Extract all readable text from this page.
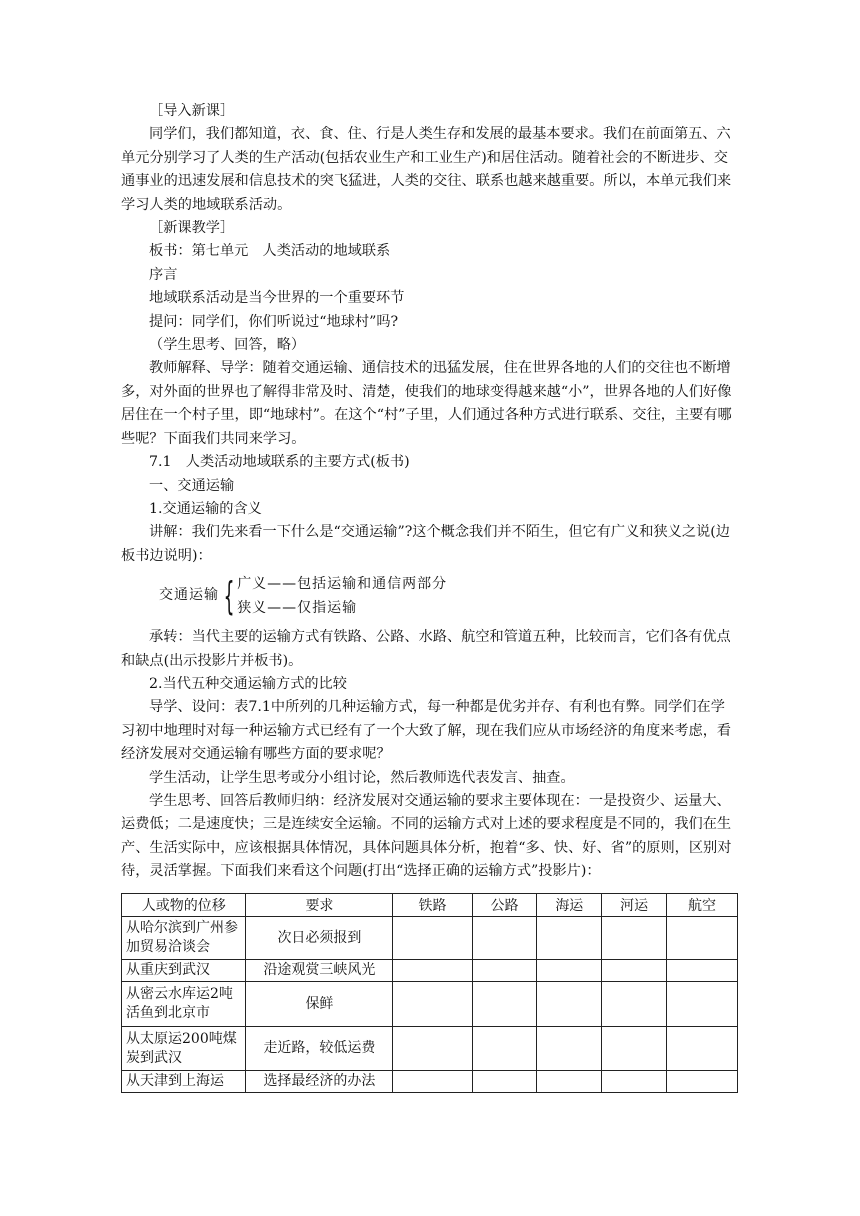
［导入新课］

同学们，我们都知道，衣、食、住、行是人类生存和发展的最基本要求。我们在前面第五、六单元分别学习了人类的生产活动(包括农业生产和工业生产)和居住活动。随着社会的不断进步、交通事业的迅速发展和信息技术的突飞猛进，人类的交往、联系也越来越重要。所以，本单元我们来学习人类的地域联系活动。

［新课教学］

板书：第七单元　人类活动的地域联系

序言

地域联系活动是当今世界的一个重要环节

提问：同学们，你们听说过“地球村”吗?

（学生思考、回答，略）

教师解释、导学：随着交通运输、通信技术的迅猛发展，住在世界各地的人们的交往也不断增多，对外面的世界也了解得非常及时、清楚，使我们的地球变得越来越“小”，世界各地的人们好像居住在一个村子里，即“地球村”。在这个“村”子里，人们通过各种方式进行联系、交往，主要有哪些呢？下面我们共同来学习。

7.1　人类活动地域联系的主要方式(板书)

一、交通运输

1.交通运输的含义

讲解：我们先来看一下什么是“交通运输”?这个概念我们并不陌生，但它有广义和狭义之说(边板书边说明)：

交通运输 { 广义——包括运输和通信两部分
狭义——仅指运输

承转：当代主要的运输方式有铁路、公路、水路、航空和管道五种，比较而言，它们各有优点和缺点(出示投影片并板书)。

2.当代五种交通运输方式的比较

导学、设问：表7.1中所列的几种运输方式，每一种都是优劣并存、有利也有弊。同学们在学习初中地理时对每一种运输方式已经有了一个大致了解，现在我们应从市场经济的角度来考虑，看经济发展对交通运输有哪些方面的要求呢？

学生活动，让学生思考或分小组讨论，然后教师选代表发言、抽查。

学生思考、回答后教师归纳：经济发展对交通运输的要求主要体现在：一是投资少、运量大、运费低；二是速度快；三是连续安全运输。不同的运输方式对上述的要求程度是不同的，我们在生产、生活实际中，应该根据具体情况，具体问题具体分析，抱着“多、快、好、省”的原则，区别对待，灵活掌握。下面我们来看这个问题(打出“选择正确的运输方式”投影片)：

人或物的位移	要求	铁路	公路	海运	河运	航空
从哈尔滨到广州参加贸易洽谈会	次日必须报到					
从重庆到武汉	沿途观赏三峡风光					
从密云水库运2吨活鱼到北京市	保鲜					
从太原运200吨煤炭到武汉	走近路，较低运费					
从天津到上海运	选择最经济的办法					
